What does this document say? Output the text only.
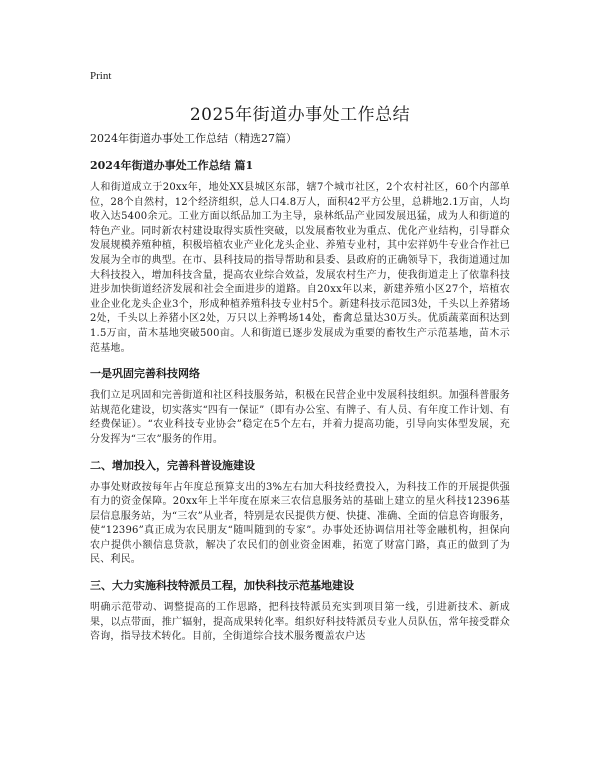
Print
2025年街道办事处工作总结

2024年街道办事处工作总结（精选27篇）

2024年街道办事处工作总结 篇1

人和街道成立于20xx年，地处XX县城区东部，辖7个城市社区，2个农村社区，60个内部单位，28个自然村，12个经济组织，总人口4.8万人，面积42平方公里，总耕地2.1万亩，人均收入达5400余元。工业方面以纸品加工为主导，泉林纸品产业园发展迅猛，成为人和街道的特色产业。同时新农村建设取得实质性突破，以发展畜牧业为重点、优化产业结构，引导群众发展规模养殖种植，积极培植农业产业化龙头企业、养殖专业村，其中宏祥奶牛专业合作社已发展为全市的典型。在市、县科技局的指导帮助和县委、县政府的正确领导下，我街道通过加大科技投入，增加科技含量，提高农业综合效益，发展农村生产力，使我街道走上了依靠科技进步加快街道经济发展和社会全面进步的道路。自20xx年以来，新建养殖小区27个，培植农业企业化龙头企业3个，形成种植养殖科技专业村5个。新建科技示范园3处，千头以上养猪场2处，千头以上养猪小区2处，万只以上养鸭场14处，畜禽总量达30万头。优质蔬菜面积达到1.5万亩，苗木基地突破500亩。人和街道已逐步发展成为重要的畜牧生产示范基地，苗木示范基地。

一是巩固完善科技网络

我们立足巩固和完善街道和社区科技服务站，积极在民营企业中发展科技组织。加强科普服务站规范化建设，切实落实“四有一保证”（即有办公室、有牌子、有人员、有年度工作计划、有经费保证）。“农业科技专业协会”稳定在5个左右，并着力提高功能，引导向实体型发展，充分发挥为“三农”服务的作用。

二、增加投入，完善科普设施建设

办事处财政按每年占年度总预算支出的3%左右加大科技经费投入，为科技工作的开展提供强有力的资金保障。20xx年上半年度在原来三农信息服务站的基础上建立的星火科技12396基层信息服务站，为“三农”从业者，特别是农民提供方便、快捷、准确、全面的信息咨询服务，使“12396”真正成为农民朋友“随叫随到的专家”。办事处还协调信用社等金融机构，担保向农户提供小额信息贷款，解决了农民们的创业资金困难，拓宽了财富门路，真正的做到了为民、利民。

三、大力实施科技特派员工程，加快科技示范基地建设

明确示范带动、调整提高的工作思路，把科技特派员充实到项目第一线，引进新技术、新成果，以点带面，推广辐射，提高成果转化率。组织好科技特派员专业人员队伍，常年接受群众咨询，指导技术转化。目前，全街道综合技术服务覆盖农户达
